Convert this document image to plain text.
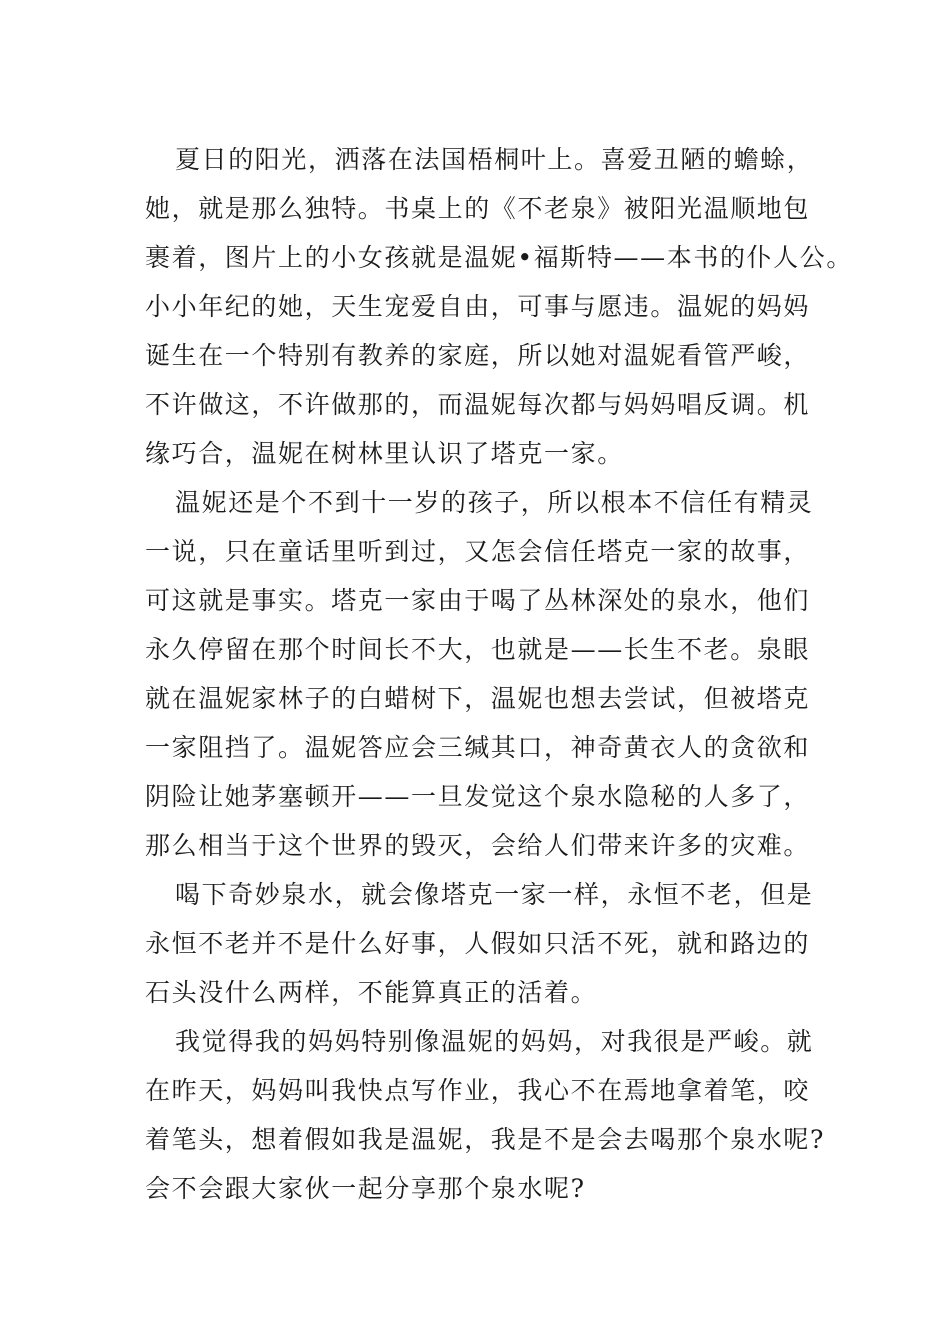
夏日的阳光，洒落在法国梧桐叶上。喜爱丑陋的蟾蜍，
她，就是那么独特。书桌上的《不老泉》被阳光温顺地包
裹着，图片上的小女孩就是温妮•福斯特——本书的仆人公。
小小年纪的她，天生宠爱自由，可事与愿违。温妮的妈妈
诞生在一个特别有教养的家庭，所以她对温妮看管严峻，
不许做这，不许做那的，而温妮每次都与妈妈唱反调。机
缘巧合，温妮在树林里认识了塔克一家。
温妮还是个不到十一岁的孩子，所以根本不信任有精灵
一说，只在童话里听到过，又怎会信任塔克一家的故事，
可这就是事实。塔克一家由于喝了丛林深处的泉水，他们
永久停留在那个时间长不大，也就是——长生不老。泉眼
就在温妮家林子的白蜡树下，温妮也想去尝试，但被塔克
一家阻挡了。温妮答应会三缄其口，神奇黄衣人的贪欲和
阴险让她茅塞顿开——一旦发觉这个泉水隐秘的人多了，
那么相当于这个世界的毁灭，会给人们带来许多的灾难。
喝下奇妙泉水，就会像塔克一家一样，永恒不老，但是
永恒不老并不是什么好事，人假如只活不死，就和路边的
石头没什么两样，不能算真正的活着。
我觉得我的妈妈特别像温妮的妈妈，对我很是严峻。就
在昨天，妈妈叫我快点写作业，我心不在焉地拿着笔，咬
着笔头，想着假如我是温妮，我是不是会去喝那个泉水呢?
会不会跟大家伙一起分享那个泉水呢?
